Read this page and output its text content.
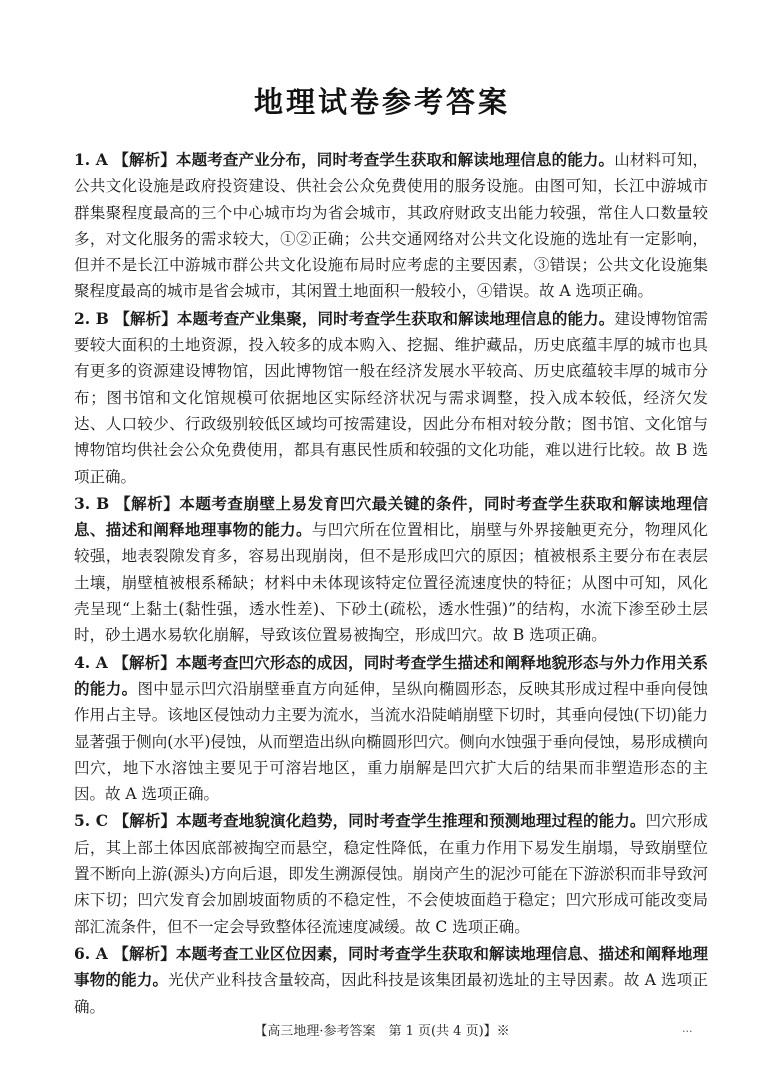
地理试卷参考答案

1. A 【解析】本题考查产业分布，同时考查学生获取和解读地理信息的能力。山材料可知，公共文化设施是政府投资建设、供社会公众免费使用的服务设施。由图可知，长江中游城市群集聚程度最高的三个中心城市均为省会城市，其政府财政支出能力较强，常住人口数量较多，对文化服务的需求较大，①②正确；公共交通网络对公共文化设施的选址有一定影响，但并不是长江中游城市群公共文化设施布局时应考虑的主要因素，③错误；公共文化设施集聚程度最高的城市是省会城市，其闲置土地面积一般较小，④错误。故 A 选项正确。

2. B 【解析】本题考查产业集聚，同时考查学生获取和解读地理信息的能力。建设博物馆需要较大面积的土地资源，投入较多的成本购入、挖掘、维护藏品，历史底蕴丰厚的城市也具有更多的资源建设博物馆，因此博物馆一般在经济发展水平较高、历史底蕴较丰厚的城市分布；图书馆和文化馆规模可依据地区实际经济状况与需求调整，投入成本较低，经济欠发达、人口较少、行政级别较低区域均可按需建设，因此分布相对较分散；图书馆、文化馆与博物馆均供社会公众免费使用，都具有惠民性质和较强的文化功能，难以进行比较。故 B 选项正确。

3. B 【解析】本题考查崩壁上易发育凹穴最关键的条件，同时考查学生获取和解读地理信息、描述和阐释地理事物的能力。与凹穴所在位置相比，崩壁与外界接触更充分，物理风化较强，地表裂隙发育多，容易出现崩岗，但不是形成凹穴的原因；植被根系主要分布在表层土壤，崩壁植被根系稀缺；材料中未体现该特定位置径流速度快的特征；从图中可知，风化壳呈现“上黏土(黏性强，透水性差)、下砂土(疏松，透水性强)”的结构，水流下渗至砂土层时，砂土遇水易软化崩解，导致该位置易被掏空，形成凹穴。故 B 选项正确。

4. A 【解析】本题考查凹穴形态的成因，同时考查学生描述和阐释地貌形态与外力作用关系的能力。图中显示凹穴沿崩壁垂直方向延伸，呈纵向椭圆形态，反映其形成过程中垂向侵蚀作用占主导。该地区侵蚀动力主要为流水，当流水沿陡峭崩壁下切时，其垂向侵蚀(下切)能力显著强于侧向(水平)侵蚀，从而塑造出纵向椭圆形凹穴。侧向水蚀强于垂向侵蚀，易形成横向凹穴，地下水溶蚀主要见于可溶岩地区，重力崩解是凹穴扩大后的结果而非塑造形态的主因。故 A 选项正确。

5. C 【解析】本题考查地貌演化趋势，同时考查学生推理和预测地理过程的能力。凹穴形成后，其上部土体因底部被掏空而悬空，稳定性降低，在重力作用下易发生崩塌，导致崩壁位置不断向上游(源头)方向后退，即发生溯源侵蚀。崩岗产生的泥沙可能在下游淤积而非导致河床下切；凹穴发育会加剧坡面物质的不稳定性，不会使坡面趋于稳定；凹穴形成可能改变局部汇流条件，但不一定会导致整体径流速度减缓。故 C 选项正确。

6. A 【解析】本题考查工业区位因素，同时考查学生获取和解读地理信息、描述和阐释地理事物的能力。光伏产业科技含量较高，因此科技是该集团最初选址的主导因素。故 A 选项正确。

【高三地理·参考答案　第 1 页(共 4 页)】※	...
